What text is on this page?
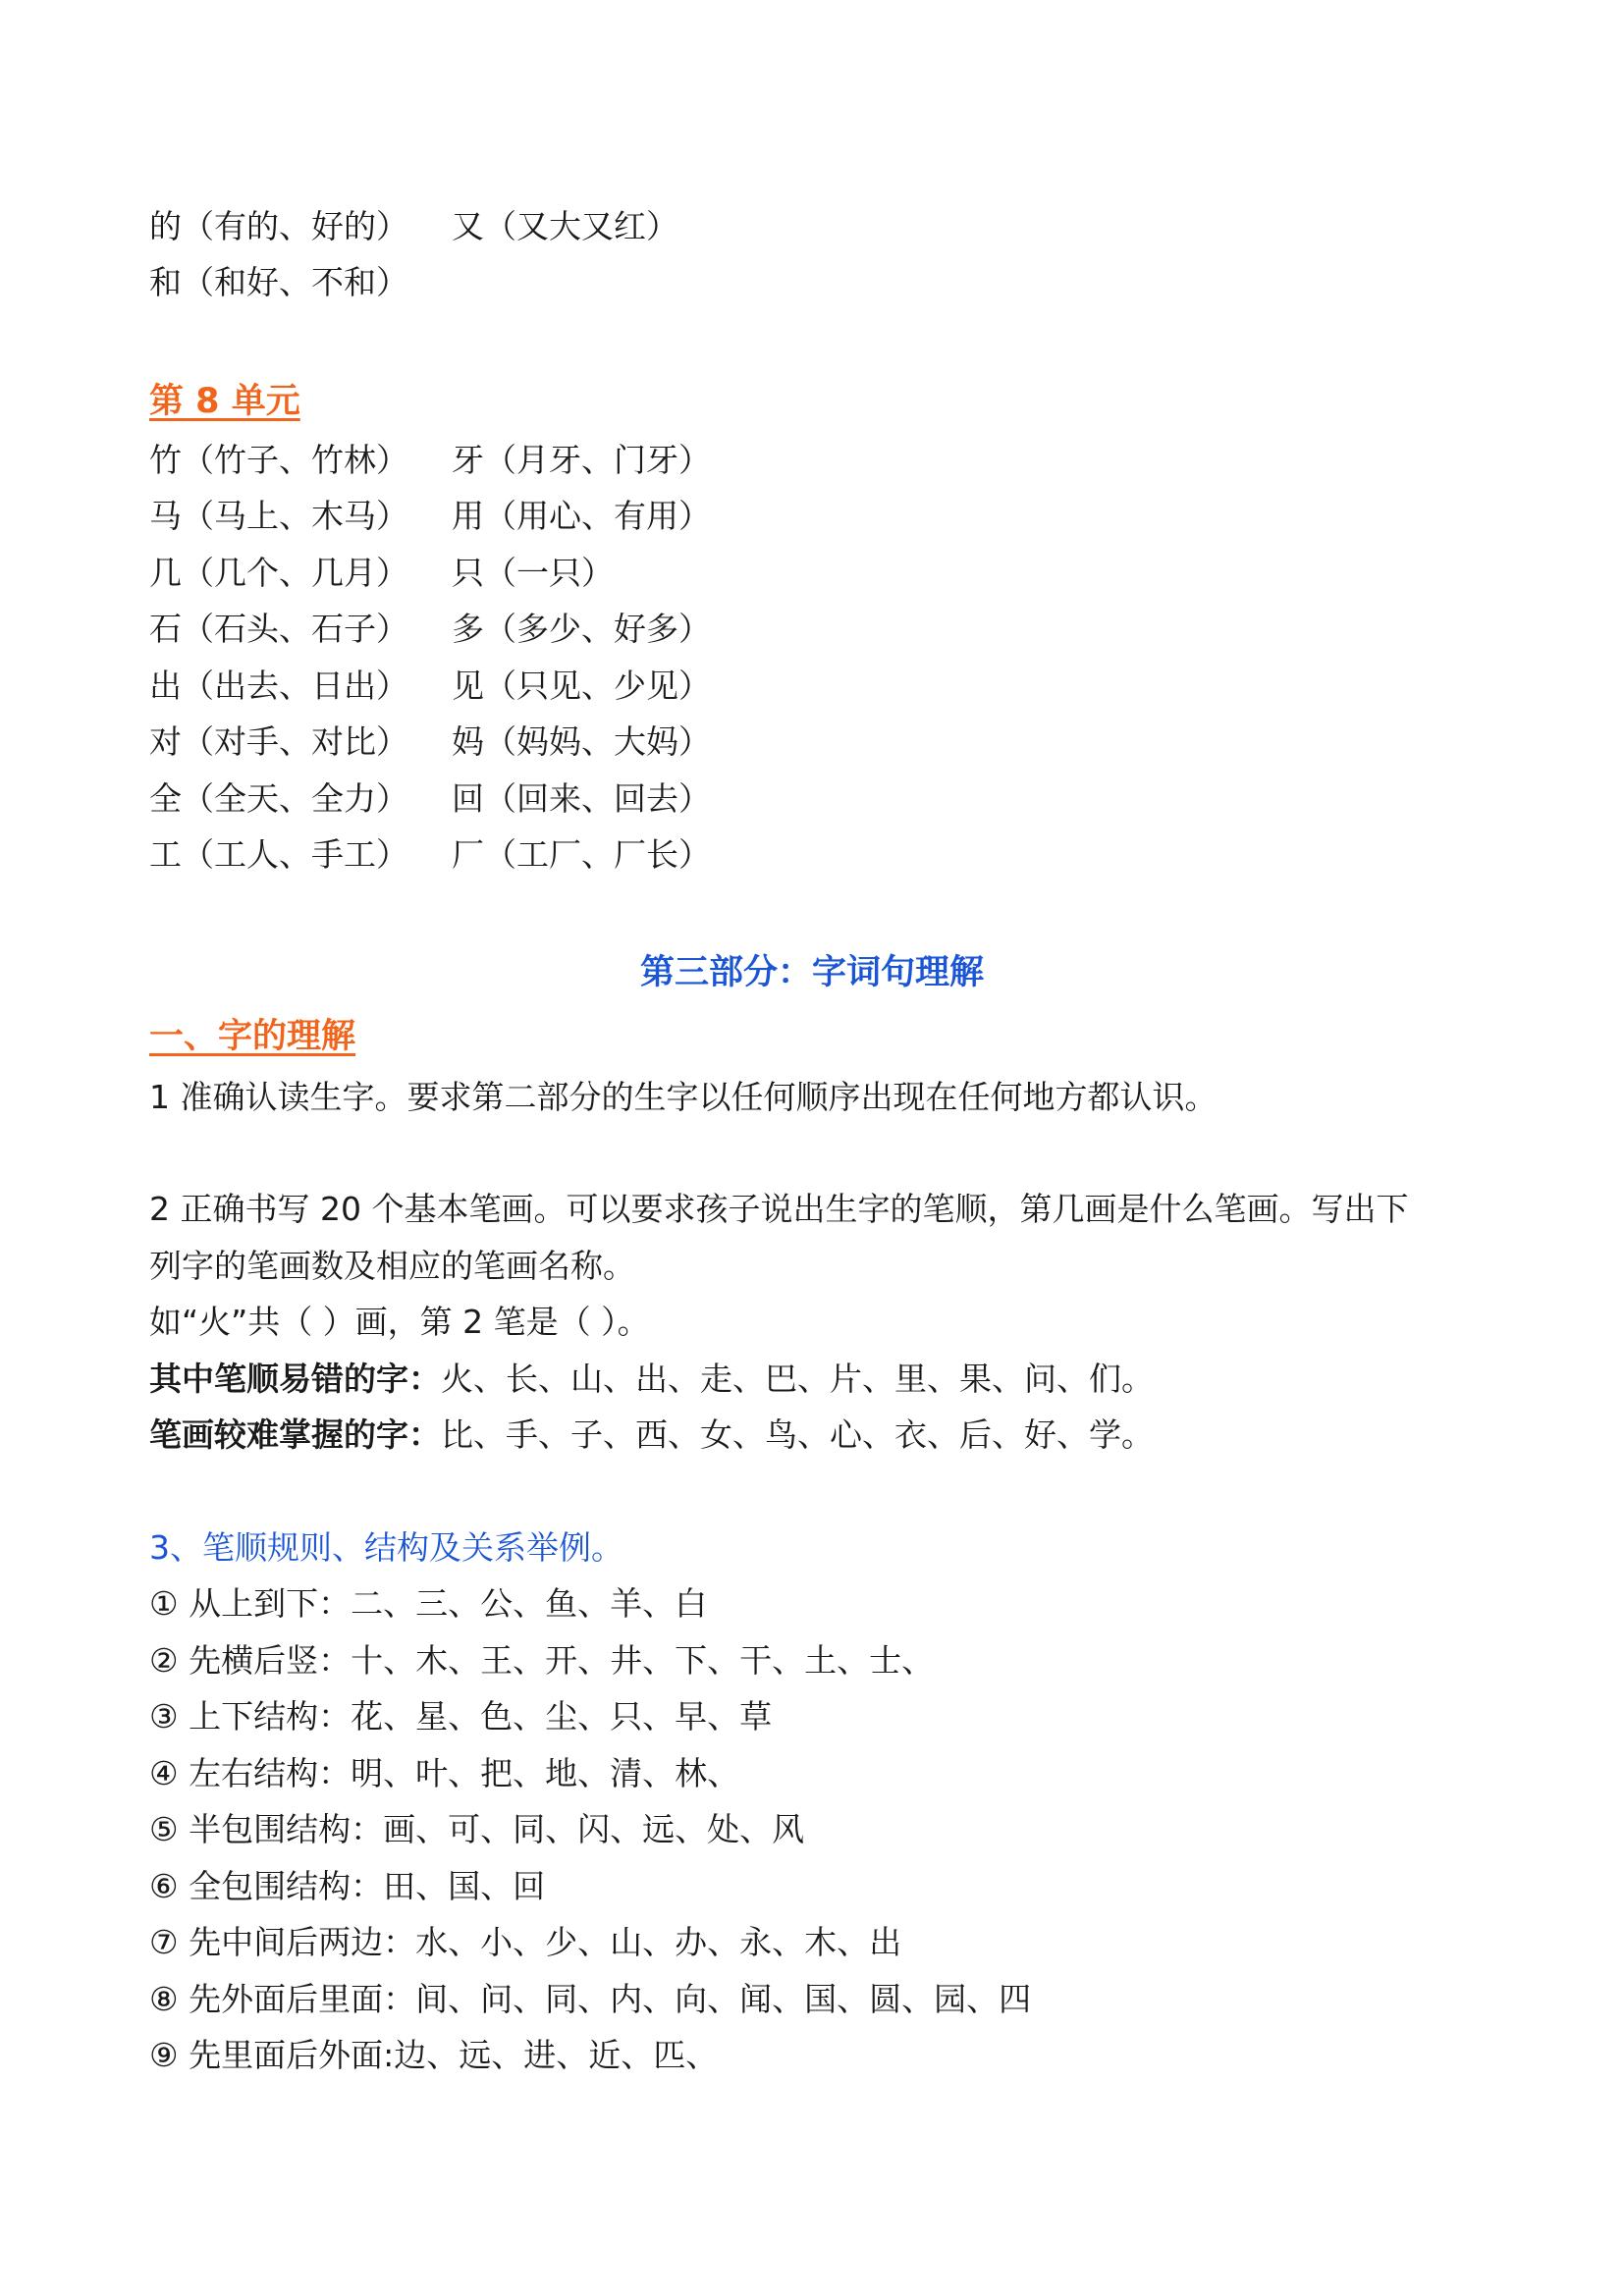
的（有的、好的） 又（又大又红）
和（和好、不和）
第 8 单元
竹（竹子、竹林） 牙（月牙、门牙）
马（马上、木马） 用（用心、有用）
几（几个、几月） 只（一只）
石（石头、石子） 多（多少、好多）
出（出去、日出） 见（只见、少见）
对（对手、对比） 妈（妈妈、大妈）
全（全天、全力） 回（回来、回去）
工（工人、手工） 厂（工厂、厂长）
第三部分：字词句理解
一、字的理解
1 准确认读生字。要求第二部分的生字以任何顺序出现在任何地方都认识。
2 正确书写 20 个基本笔画。可以要求孩子说出生字的笔顺，第几画是什么笔画。写出下
列字的笔画数及相应的笔画名称。
如“火”共（ ）画，第 2 笔是（ ）。
其中笔顺易错的字：火、长、山、出、走、巴、片、里、果、问、们。
笔画较难掌握的字：比、手、子、西、女、鸟、心、衣、后、好、学。
3、笔顺规则、结构及关系举例。
① 从上到下：二、三、公、鱼、羊、白
② 先横后竖：十、木、王、开、井、下、干、土、士、
③ 上下结构：花、星、色、尘、只、早、草
④ 左右结构：明、叶、把、地、清、林、
⑤ 半包围结构：画、可、同、闪、远、处、风
⑥ 全包围结构：田、国、回
⑦ 先中间后两边：水、小、少、山、办、永、木、出
⑧ 先外面后里面：间、问、同、内、向、闻、国、圆、园、四
⑨ 先里面后外面:边、远、进、近、匹、
